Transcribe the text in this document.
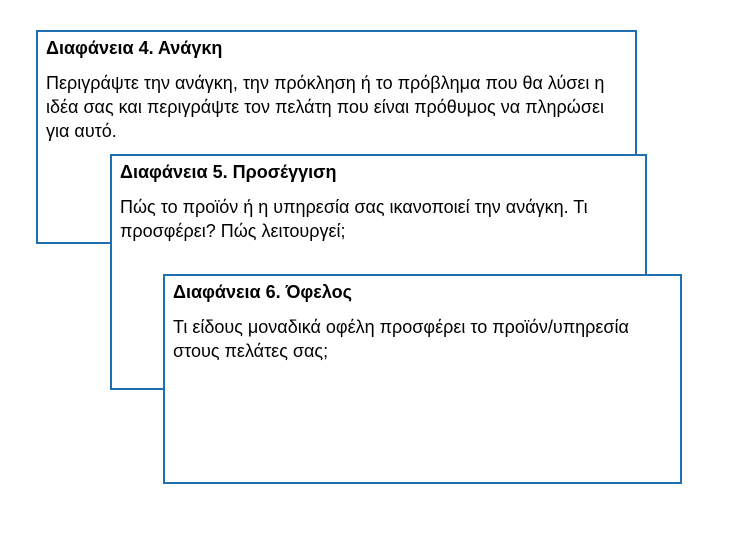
Διαφάνεια 4. Ανάγκη

Περιγράψτε την ανάγκη, την πρόκληση ή το πρόβλημα που θα λύσει η ιδέα σας και περιγράψτε τον πελάτη που είναι πρόθυμος να πληρώσει για αυτό.

Διαφάνεια 5. Προσέγγιση

Πώς το προϊόν ή η υπηρεσία σας ικανοποιεί την ανάγκη. Τι προσφέρει? Πώς λειτουργεί;

Διαφάνεια 6. Όφελος

Τι είδους μοναδικά οφέλη προσφέρει το προϊόν/υπηρεσία στους πελάτες σας;
